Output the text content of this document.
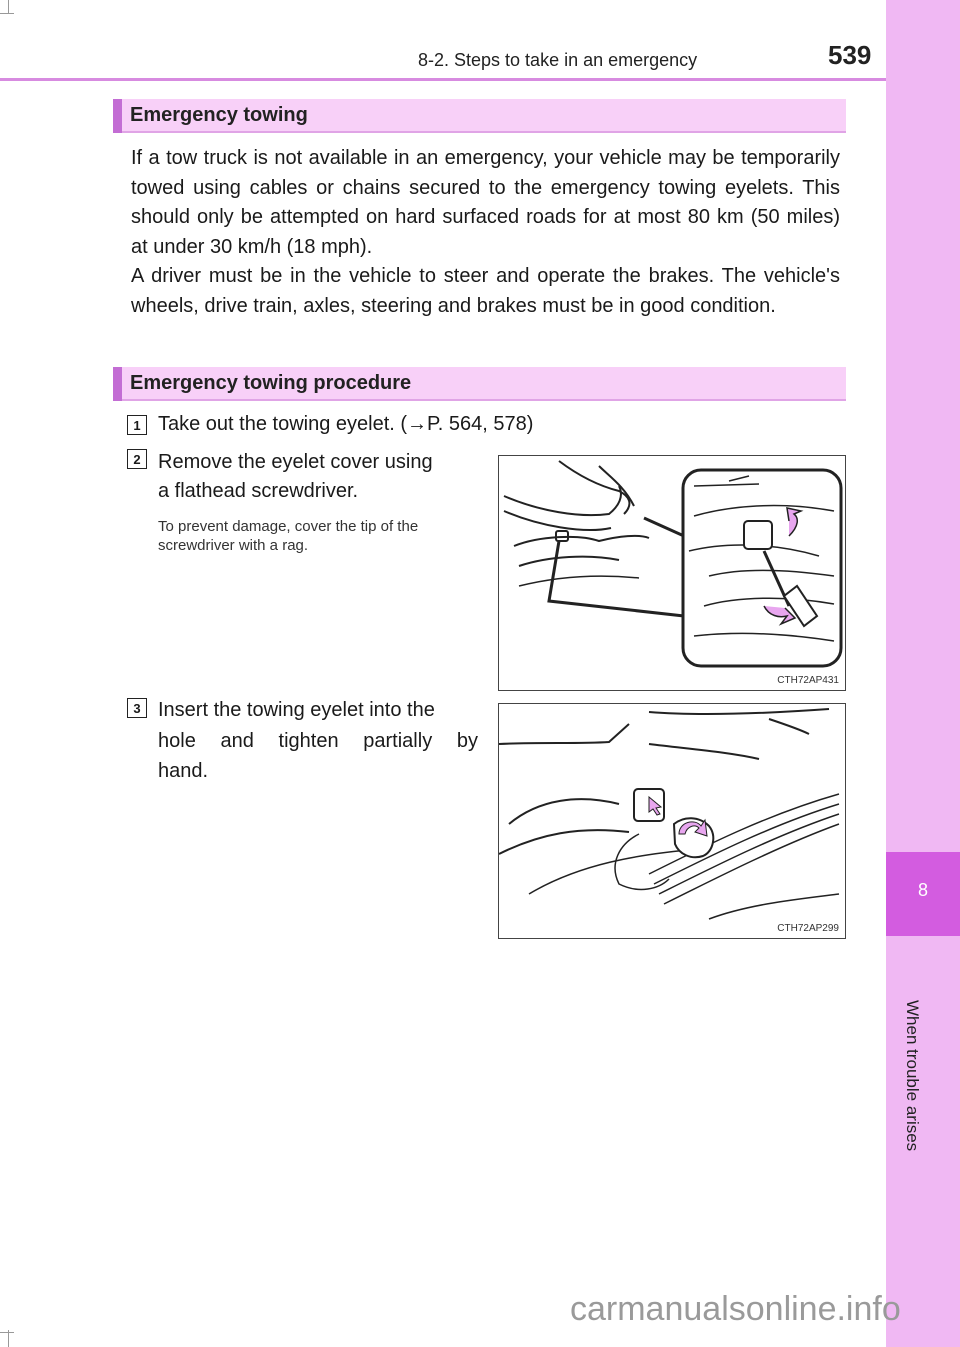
8-2. Steps to take in an emergency	539
8
When trouble arises
Emergency towing

If a tow truck is not available in an emergency, your vehicle may be temporarily towed using cables or chains secured to the emergency towing eyelets. This should only be attempted on hard surfaced roads for at most 80 km (50 miles) at under 30 km/h (18 mph).

A driver must be in the vehicle to steer and operate the brakes. The vehicle's wheels, drive train, axles, steering and brakes must be in good condition.

Emergency towing procedure
1 Take out the towing eyelet. (→P. 564, 578)

2 Remove the eyelet cover using

a flathead screwdriver.

To prevent damage, cover the tip of the screwdriver with a rag.

CTH72AP431
3 Insert the towing eyelet into the

hole and tighten partially by

hand.

CTH72AP299
carmanualsonline.info
